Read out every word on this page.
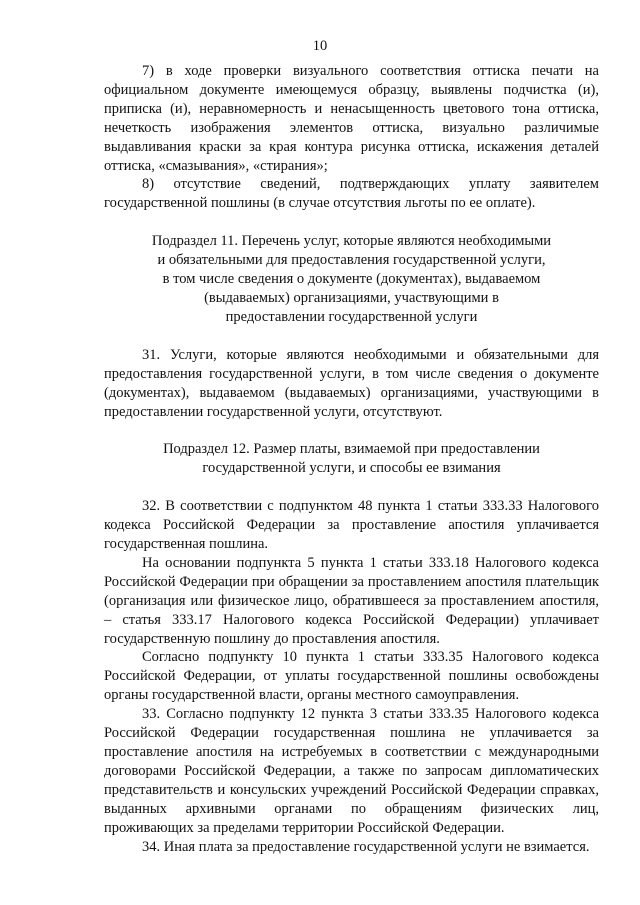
10

7) в ходе проверки визуального соответствия оттиска печати на официальном документе имеющемуся образцу, выявлены подчистка (и), приписка (и), неравномерность и ненасыщенность цветового тона оттиска, нечеткость изображения элементов оттиска, визуально различимые выдавливания краски за края контура рисунка оттиска, искажения деталей оттиска, «смазывания», «стирания»;

8) отсутствие сведений, подтверждающих уплату заявителем государственной пошлины (в случае отсутствия льготы по ее оплате).

Подраздел 11. Перечень услуг, которые являются необходимыми
и обязательными для предоставления государственной услуги,
в том числе сведения о документе (документах), выдаваемом
(выдаваемых) организациями, участвующими в
предоставлении государственной услуги

31. Услуги, которые являются необходимыми и обязательными для предоставления государственной услуги, в том числе сведения о документе (документах), выдаваемом (выдаваемых) организациями, участвующими в предоставлении государственной услуги, отсутствуют.

Подраздел 12. Размер платы, взимаемой при предоставлении
государственной услуги, и способы ее взимания

32. В соответствии с подпунктом 48 пункта 1 статьи 333.33 Налогового кодекса Российской Федерации за проставление апостиля уплачивается государственная пошлина.

На основании подпункта 5 пункта 1 статьи 333.18 Налогового кодекса Российской Федерации при обращении за проставлением апостиля плательщик (организация или физическое лицо, обратившееся за проставлением апостиля, – статья 333.17 Налогового кодекса Российской Федерации) уплачивает государственную пошлину до проставления апостиля.

Согласно подпункту 10 пункта 1 статьи 333.35 Налогового кодекса Российской Федерации, от уплаты государственной пошлины освобождены органы государственной власти, органы местного самоуправления.

33. Согласно подпункту 12 пункта 3 статьи 333.35 Налогового кодекса Российской Федерации государственная пошлина не уплачивается за проставление апостиля на истребуемых в соответствии с международными договорами Российской Федерации, а также по запросам дипломатических представительств и консульских учреждений Российской Федерации справках, выданных архивными органами по обращениям физических лиц, проживающих за пределами территории Российской Федерации.

34. Иная плата за предоставление государственной услуги не взимается.
